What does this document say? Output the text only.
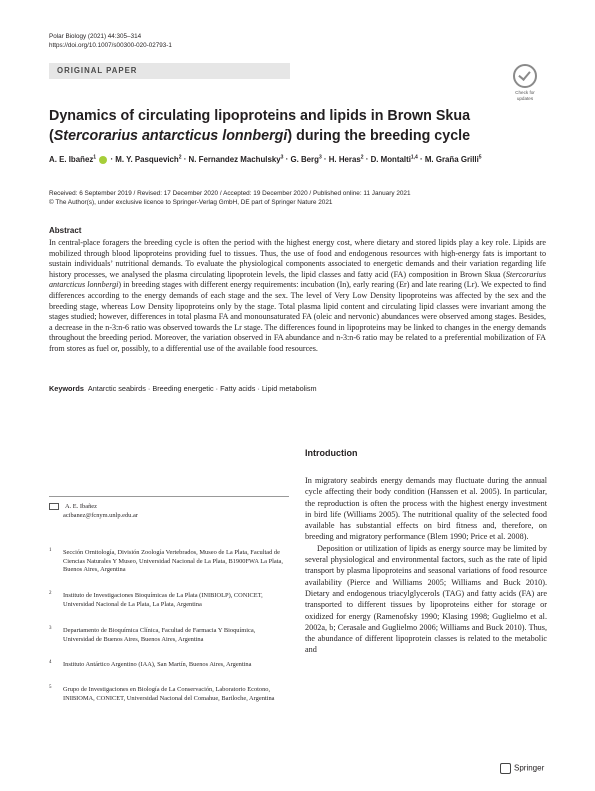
Polar Biology (2021) 44:305–314
https://doi.org/10.1007/s00300-020-02793-1
ORIGINAL PAPER
Check for
updates
Dynamics of circulating lipoproteins and lipids in Brown Skua
(Stercorarius antarcticus lonnbergi) during the breeding cycle
A. E. Ibañez$^1$  · M. Y. Pasquevich$^2$ · N. Fernandez Machulsky$^3$ · G. Berg$^3$ · H. Heras$^2$ · D. Montalti$^{1,4}$ · M. Graña Grilli$^5$
Received: 6 September 2019 / Revised: 17 December 2020 / Accepted: 19 December 2020 / Published online: 11 January 2021
© The Author(s), under exclusive licence to Springer-Verlag GmbH, DE part of Springer Nature 2021
Abstract
In central-place foragers the breeding cycle is often the period with the highest energy cost, where dietary and stored lipids play a key role. Lipids are mobilized through blood lipoproteins providing fuel to tissues. Thus, the use of food and endogenous resources with high-energy fats is important to sustain individuals’ nutritional demands. To evaluate the physiological components associated to energetic demands and their variation regarding life history processes, we analysed the plasma circulating lipoprotein levels, the lipid classes and fatty acid (FA) composition in Brown Skua (Stercorarius antarcticus lonnbergi) in breeding stages with different energy requirements: incubation (In), early rearing (Er) and late rearing (Lr). We expected to find differences according to the energy demands of each stage and the sex. The level of Very Low Density lipoproteins was affected by the sex and the breeding stage, whereas Low Density lipoproteins only by the stage. Total plasma lipid content and circulating lipid classes were invariant among the stages studied; however, differences in total plasma FA and monounsaturated FA (oleic and nervonic) abundances were observed among stages. Besides, a decrease in the n-3:n-6 ratio was observed towards the Lr stage. The differences found in lipoproteins may be linked to changes in the energy demands throughout the breeding period. Moreover, the variation observed in FA abundance and n-3:n-6 ratio may be related to a preferential mobilization of FA from stores as fuel or, possibly, to a differential use of the available food resources.
Keywords Antarctic seabirds · Breeding energetic · Fatty acids · Lipid metabolism
Introduction

In migratory seabirds energy demands may fluctuate during the annual cycle affecting their body condition (Hanssen et al. 2005). In particular, the reproduction is often the process with the highest energy investment in bird life (Williams 2005). The nutritional quality of the selected food available has substantial effects on bird fitness and, therefore, on breeding and migratory performance (Blem 1990; Price et al. 2008).

Deposition or utilization of lipids as energy source may be limited by several physiological and environmental factors, such as the rate of lipid transport by plasma lipoproteins and seasonal variations of food resource availability (Pierce and Williams 2005; Williams and Buck 2010). Dietary and endogenous triacylglycerols (TAG) and fatty acids (FA) are transported to different tissues by lipoproteins either for storage or oxidized for energy (Ramenofsky 1990; Klasing 1998; Guglielmo et al. 2002a, b; Cerasale and Guglielmo 2006; Williams and Buck 2010). Thus, the abundance of different lipoprotein classes is related to the metabolic and

A. E. Ibañez
acibanez@fcnym.unlp.edu.ar
1 Sección Ornitología, División Zoología Vertebrados, Museo de La Plata, Facultad de Ciencias Naturales Y Museo, Universidad Nacional de La Plata, B1900FWA La Plata, Buenos Aires, Argentina
2 Instituto de Investigaciones Bioquímicas de La Plata (INIBIOLP), CONICET, Universidad Nacional de La Plata, La Plata, Argentina
3 Departamento de Bioquímica Clínica, Facultad de Farmacia Y Bioquímica, Universidad de Buenos Aires, Buenos Aires, Argentina
4 Instituto Antártico Argentino (IAA), San Martín, Buenos Aires, Argentina
5 Grupo de Investigaciones en Biología de La Conservación, Laboratorio Ecotono, INIBIOMA, CONICET, Universidad Nacional del Comahue, Bariloche, Argentina
Springer
